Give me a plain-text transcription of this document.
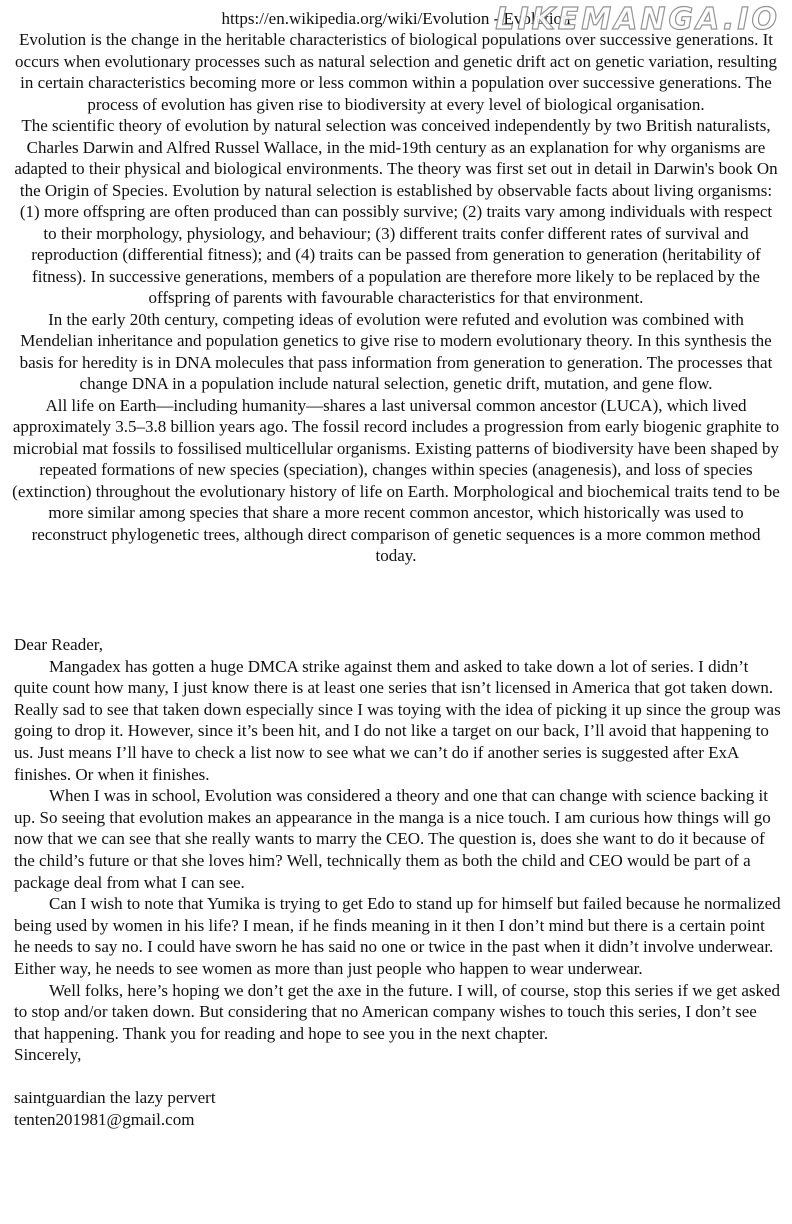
https://en.wikipedia.org/wiki/Evolution - Evolution
LIKEMANGA.IO

Evolution is the change in the heritable characteristics of biological populations over successive generations. It occurs when evolutionary processes such as natural selection and genetic drift act on genetic variation, resulting in certain characteristics becoming more or less common within a population over successive generations. The process of evolution has given rise to biodiversity at every level of biological organisation.

The scientific theory of evolution by natural selection was conceived independently by two British naturalists, Charles Darwin and Alfred Russel Wallace, in the mid-19th century as an explanation for why organisms are adapted to their physical and biological environments. The theory was first set out in detail in Darwin's book On the Origin of Species. Evolution by natural selection is established by observable facts about living organisms: (1) more offspring are often produced than can possibly survive; (2) traits vary among individuals with respect to their morphology, physiology, and behaviour; (3) different traits confer different rates of survival and reproduction (differential fitness); and (4) traits can be passed from generation to generation (heritability of fitness). In successive generations, members of a population are therefore more likely to be replaced by the offspring of parents with favourable characteristics for that environment.

In the early 20th century, competing ideas of evolution were refuted and evolution was combined with Mendelian inheritance and population genetics to give rise to modern evolutionary theory. In this synthesis the basis for heredity is in DNA molecules that pass information from generation to generation. The processes that change DNA in a population include natural selection, genetic drift, mutation, and gene flow.

All life on Earth—including humanity—shares a last universal common ancestor (LUCA), which lived approximately 3.5–3.8 billion years ago. The fossil record includes a progression from early biogenic graphite to microbial mat fossils to fossilised multicellular organisms. Existing patterns of biodiversity have been shaped by repeated formations of new species (speciation), changes within species (anagenesis), and loss of species (extinction) throughout the evolutionary history of life on Earth. Morphological and biochemical traits tend to be more similar among species that share a more recent common ancestor, which historically was used to reconstruct phylogenetic trees, although direct comparison of genetic sequences is a more common method today.

Dear Reader,

Mangadex has gotten a huge DMCA strike against them and asked to take down a lot of series. I didn’t quite count how many, I just know there is at least one series that isn’t licensed in America that got taken down. Really sad to see that taken down especially since I was toying with the idea of picking it up since the group was going to drop it. However, since it’s been hit, and I do not like a target on our back, I’ll avoid that happening to us. Just means I’ll have to check a list now to see what we can’t do if another series is suggested after ExA finishes. Or when it finishes.

When I was in school, Evolution was considered a theory and one that can change with science backing it up. So seeing that evolution makes an appearance in the manga is a nice touch. I am curious how things will go now that we can see that she really wants to marry the CEO. The question is, does she want to do it because of the child’s future or that she loves him? Well, technically them as both the child and CEO would be part of a package deal from what I can see.

Can I wish to note that Yumika is trying to get Edo to stand up for himself but failed because he normalized being used by women in his life? I mean, if he finds meaning in it then I don’t mind but there is a certain point he needs to say no. I could have sworn he has said no one or twice in the past when it didn’t involve underwear. Either way, he needs to see women as more than just people who happen to wear underwear.

Well folks, here’s hoping we don’t get the axe in the future. I will, of course, stop this series if we get asked to stop and/or taken down. But considering that no American company wishes to touch this series, I don’t see that happening. Thank you for reading and hope to see you in the next chapter.

Sincerely,

saintguardian the lazy pervert

tenten201981@gmail.com
